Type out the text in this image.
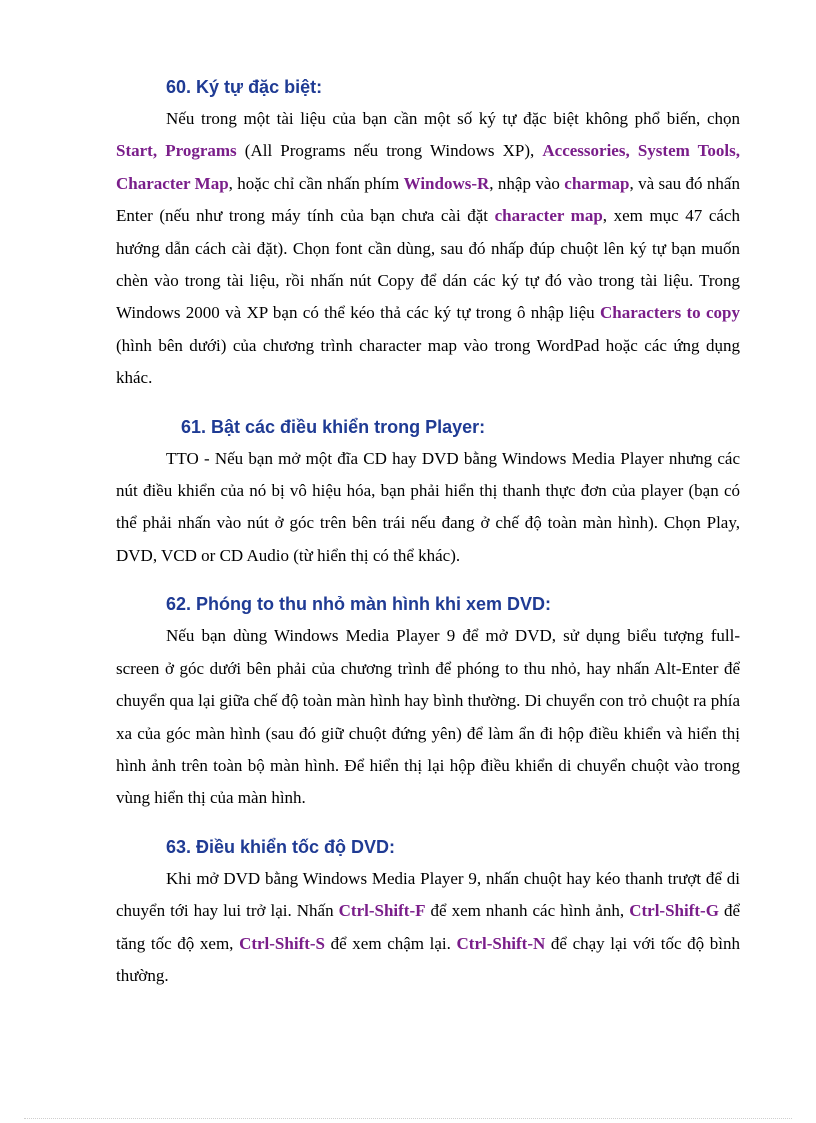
60. Ký tự đặc biệt:

Nếu trong một tài liệu của bạn cần một số ký tự đặc biệt không phổ biến, chọn Start, Programs (All Programs nếu trong Windows XP), Accessories, System Tools, Character Map, hoặc chỉ cần nhấn phím Windows-R, nhập vào charmap, và sau đó nhấn Enter (nếu như trong máy tính của bạn chưa cài đặt character map, xem mục 47 cách hướng dẫn cách cài đặt). Chọn font cần dùng, sau đó nhấp đúp chuột lên ký tự bạn muốn chèn vào trong tài liệu, rồi nhấn nút Copy để dán các ký tự đó vào trong tài liệu. Trong Windows 2000 và XP bạn có thể kéo thả các ký tự trong ô nhập liệu Characters to copy (hình bên dưới) của chương trình character map vào trong WordPad hoặc các ứng dụng khác.

61. Bật các điều khiển trong Player:

TTO - Nếu bạn mở một đĩa CD hay DVD bằng Windows Media Player nhưng các nút điều khiển của nó bị vô hiệu hóa, bạn phải hiển thị thanh thực đơn của player (bạn có thể phải nhấn vào nút ở góc trên bên trái nếu đang ở chế độ toàn màn hình). Chọn Play, DVD, VCD or CD Audio (từ hiển thị có thể khác).

62. Phóng to thu nhỏ màn hình khi xem DVD:

Nếu bạn dùng Windows Media Player 9 để mở DVD, sử dụng biểu tượng full-screen ở góc dưới bên phải của chương trình để phóng to thu nhỏ, hay nhấn Alt-Enter để chuyển qua lại giữa chế độ toàn màn hình hay bình thường. Di chuyển con trỏ chuột ra phía xa của góc màn hình (sau đó giữ chuột đứng yên) để làm ẩn đi hộp điều khiển và hiển thị hình ảnh trên toàn bộ màn hình. Để hiển thị lại hộp điều khiển di chuyển chuột vào trong vùng hiển thị của màn hình.

63. Điều khiển tốc độ DVD:

Khi mở DVD bằng Windows Media Player 9, nhấn chuột hay kéo thanh trượt để di chuyển tới hay lui trở lại. Nhấn Ctrl-Shift-F để xem nhanh các hình ảnh, Ctrl-Shift-G để tăng tốc độ xem, Ctrl-Shift-S để xem chậm lại. Ctrl-Shift-N để chạy lại với tốc độ bình thường.
